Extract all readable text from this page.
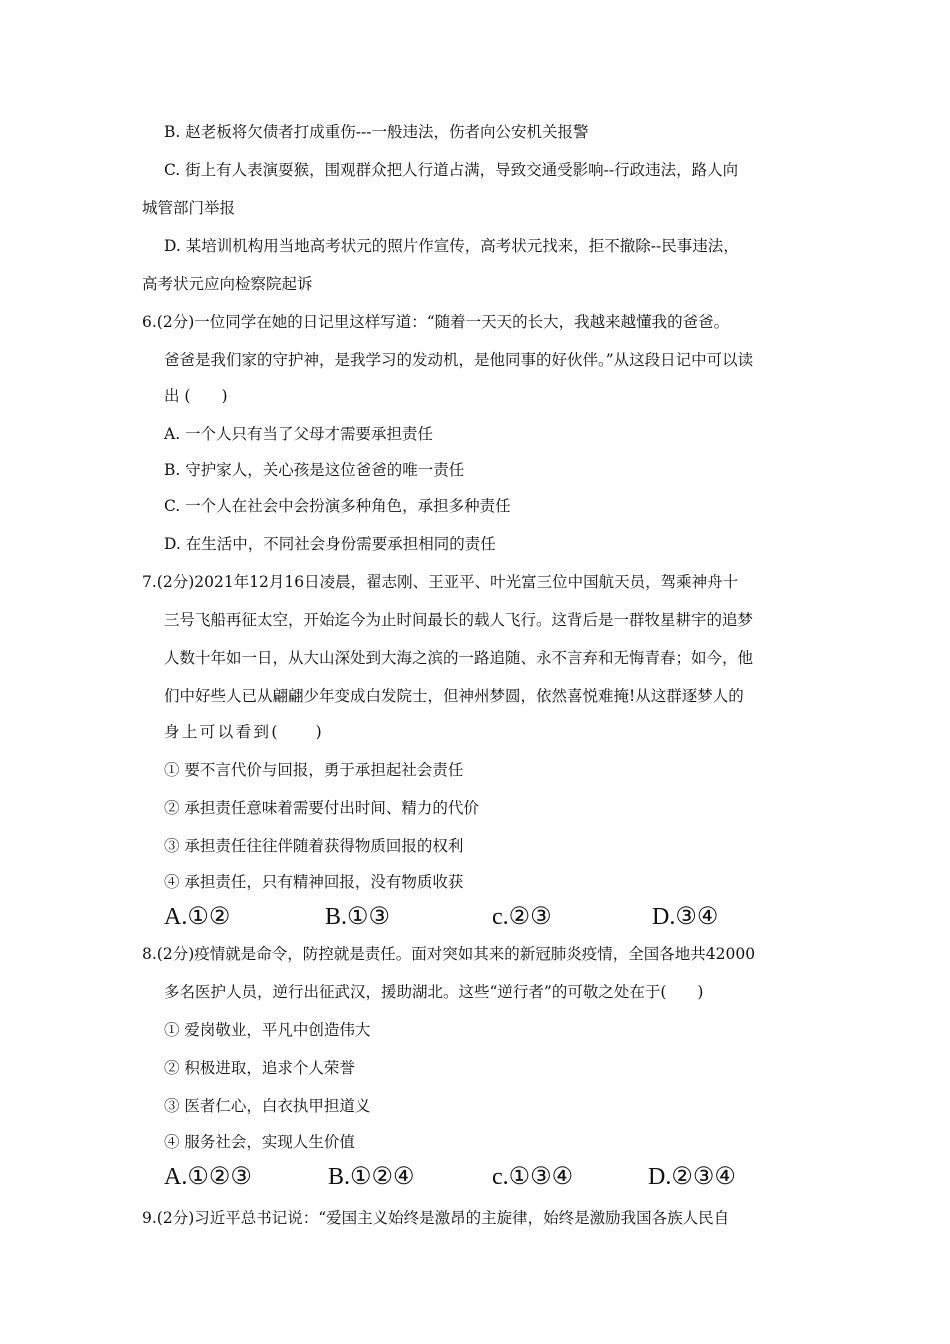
B. 赵老板将欠债者打成重伤---一般违法，伤者向公安机关报警
C. 街上有人表演耍猴，围观群众把人行道占满，导致交通受影响--行政违法，路人向
城管部门举报
D. 某培训机构用当地高考状元的照片作宣传，高考状元找来，拒不撤除--民事违法，
高考状元应向检察院起诉
6.(2分)一位同学在她的日记里这样写道：“随着一天天的长大，我越来越懂我的爸爸。
爸爸是我们家的守护神，是我学习的发动机，是他同事的好伙伴。”从这段日记中可以读
出 (　　)
A. 一个人只有当了父母才需要承担责任
B. 守护家人，关心孩是这位爸爸的唯一责任
C. 一个人在社会中会扮演多种角色，承担多种责任
D. 在生活中，不同社会身份需要承担相同的责任
7.(2分)2021年12月16日凌晨，翟志刚、王亚平、叶光富三位中国航天员，驾乘神舟十
三号飞船再征太空，开始迄今为止时间最长的载人飞行。这背后是一群牧星耕宇的追梦
人数十年如一日，从大山深处到大海之滨的一路追随、永不言弃和无悔青春；如今，他
们中好些人已从翩翩少年变成白发院士，但神州梦圆，依然喜悦难掩!从这群逐梦人的
身上可以看到(　　)
① 要不言代价与回报，勇于承担起社会责任
② 承担责任意味着需要付出时间、精力的代价
③ 承担责任往往伴随着获得物质回报的权利
④ 承担责任，只有精神回报，没有物质收获
A.①②	B.①③	c.②③	D.③④
8.(2分)疫情就是命令，防控就是责任。面对突如其来的新冠肺炎疫情，全国各地共42000
多名医护人员，逆行出征武汉，援助湖北。这些“逆行者”的可敬之处在于(　　)
① 爱岗敬业，平凡中创造伟大
② 积极进取，追求个人荣誉
③ 医者仁心，白衣执甲担道义
④ 服务社会，实现人生价值
A.①②③	B.①②④	c.①③④	D.②③④
9.(2分)习近平总书记说：“爱国主义始终是激昂的主旋律，始终是激励我国各族人民自
